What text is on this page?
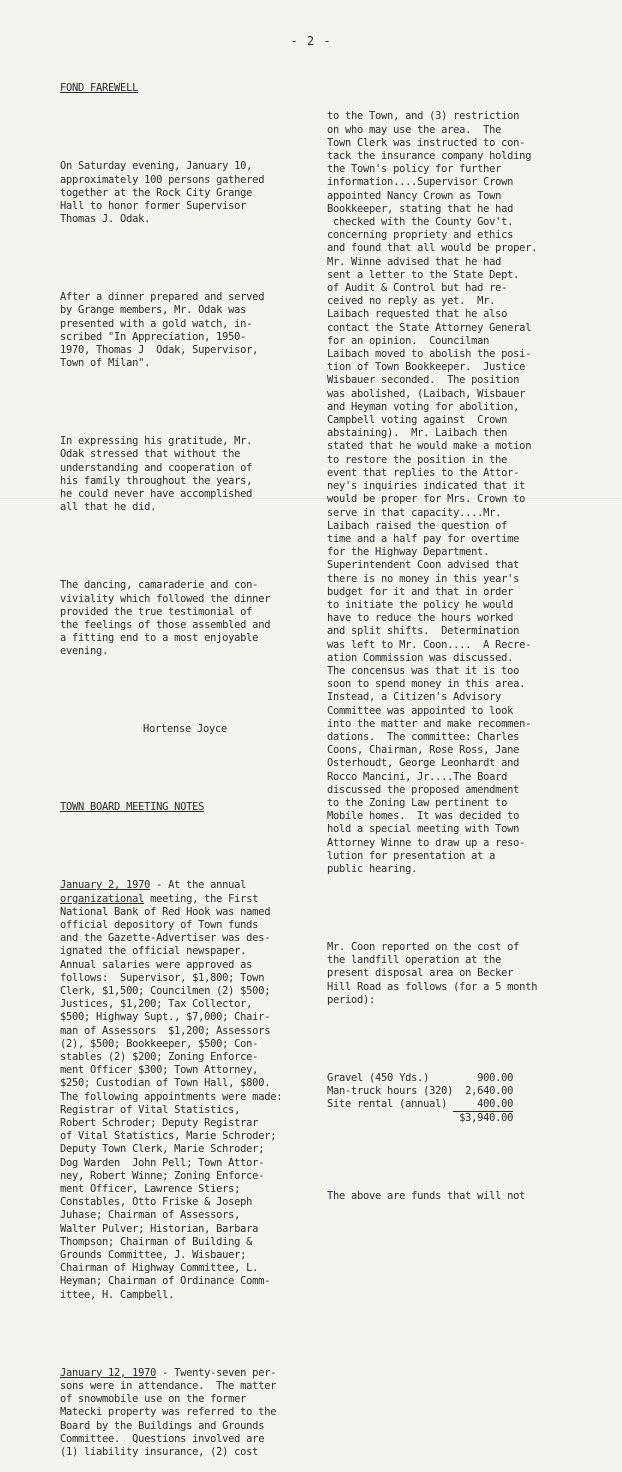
- 2 -

FOND FAREWELL

On Saturday evening, January 10,
approximately 100 persons gathered
together at the Rock City Grange
Hall to honor former Supervisor
Thomas J. Odak.

After a dinner prepared and served
by Grange members, Mr. Odak was
presented with a gold watch, in-
scribed "In Appreciation, 1950-
1970, Thomas J  Odak, Supervisor,
Town of Milan".

In expressing his gratitude, Mr.
Odak stressed that without the
understanding and cooperation of
his family throughout the years,
he could never have accomplished
all that he did.

The dancing, camaraderie and con-
viviality which followed the dinner
provided the true testimonial of
the feelings of those assembled and
a fitting end to a most enjoyable
evening.

Hortense Joyce

TOWN BOARD MEETING NOTES

January 2, 1970 - At the annual
organizational meeting, the First
National Bank of Red Hook was named
official depository of Town funds
and the Gazette-Advertiser was des-
ignated the official newspaper.
Annual salaries were approved as
follows:  Supervisor, $1,800; Town
Clerk, $1,500; Councilmen (2) $500;
Justices, $1,200; Tax Collector,
$500; Highway Supt., $7,000; Chair-
man of Assessors  $1,200; Assessors
(2), $500; Bookkeeper, $500; Con-
stables (2) $200; Zoning Enforce-
ment Officer $300; Town Attorney,
$250; Custodian of Town Hall, $800.
The following appointments were made:
Registrar of Vital Statistics,
Robert Schroder; Deputy Registrar
of Vital Statistics, Marie Schroder;
Deputy Town Clerk, Marie Schroder;
Dog Warden  John Pell; Town Attor-
ney, Robert Winne; Zoning Enforce-
ment Officer, Lawrence Stiers;
Constables, Otto Friske & Joseph
Juhase; Chairman of Assessors,
Walter Pulver; Historian, Barbara
Thompson; Chairman of Building &
Grounds Committee, J. Wisbauer;
Chairman of Highway Committee, L.
Heyman; Chairman of Ordinance Comm-
ittee, H. Campbell.

January 12, 1970 - Twenty-seven per-
sons were in attendance.  The matter
of snowmobile use on the former
Matecki property was referred to the
Board by the Buildings and Grounds
Committee.  Questions involved are
(1) liability insurance, (2) cost

to the Town, and (3) restriction
on who may use the area.  The
Town Clerk was instructed to con-
tack the insurance company holding
the Town's policy for further
information....Supervisor Crown
appointed Nancy Crown as Town
Bookkeeper, stating that he had
checked with the County Gov't.
concerning propriety and ethics
and found that all would be proper.
Mr. Winne advised that he had
sent a letter to the State Dept.
of Audit & Control but had re-
ceived no reply as yet.  Mr.
Laibach requested that he also
contact the State Attorney General
for an opinion.  Councilman
Laibach moved to abolish the posi-
tion of Town Bookkeeper.  Justice
Wisbauer seconded.  The position
was abolished, (Laibach, Wisbauer
and Heyman voting for abolition,
Campbell voting against  Crown
abstaining).  Mr. Laibach then
stated that he would make a motion
to restore the position in the
event that replies to the Attor-
ney's inquiries indicated that it
would be proper for Mrs. Crown to
serve in that capacity....Mr.
Laibach raised the question of
time and a half pay for overtime
for the Highway Department.
Superintendent Coon advised that
there is no money in this year's
budget for it and that in order
to initiate the policy he would
have to reduce the hours worked
and split shifts.  Determination
was left to Mr. Coon....  A Recre-
ation Commission was discussed.
The concensus was that it is too
soon to spend money in this area.
Instead, a Citizen's Advisory
Committee was appointed to look
into the matter and make recommen-
dations.  The committee: Charles
Coons, Chairman, Rose Ross, Jane
Osterhoudt, George Leonhardt and
Rocco Mancini, Jr....The Board
discussed the proposed amendment
to the Zoning Law pertinent to
Mobile homes.  It was decided to
hold a special meeting with Town
Attorney Winne to draw up a reso-
lution for presentation at a
public hearing.

Mr. Coon reported on the cost of
the landfill operation at the
present disposal area on Becker
Hill Road as follows (for a 5 month
period):

Gravel (450 Yds.)	900.00
Man-truck hours (320)	2,640.00
Site rental (annual)	400.00
	$3,940.00

The above are funds that will not
